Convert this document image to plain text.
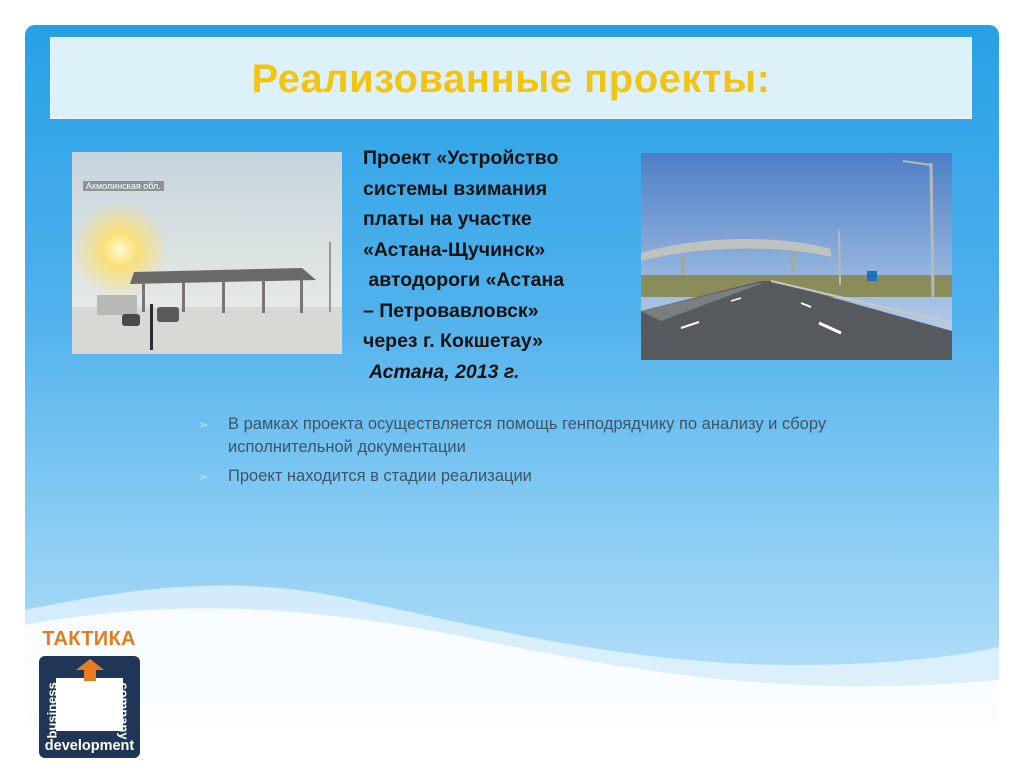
Реализованные проекты:
Акмолинская обл.
Проект «Устройство
системы взимания
платы на участке
«Астана-Щучинск»
автодороги «Астана
– Петровавловск»
через г. Кокшетау»
Астана, 2013 г.
➢ В рамках проекта осуществляется помощь генподрядчику по анализу и сбору исполнительной документации
➢ Проект находится в стадии реализации
ТАКТИКА
business	company
development
